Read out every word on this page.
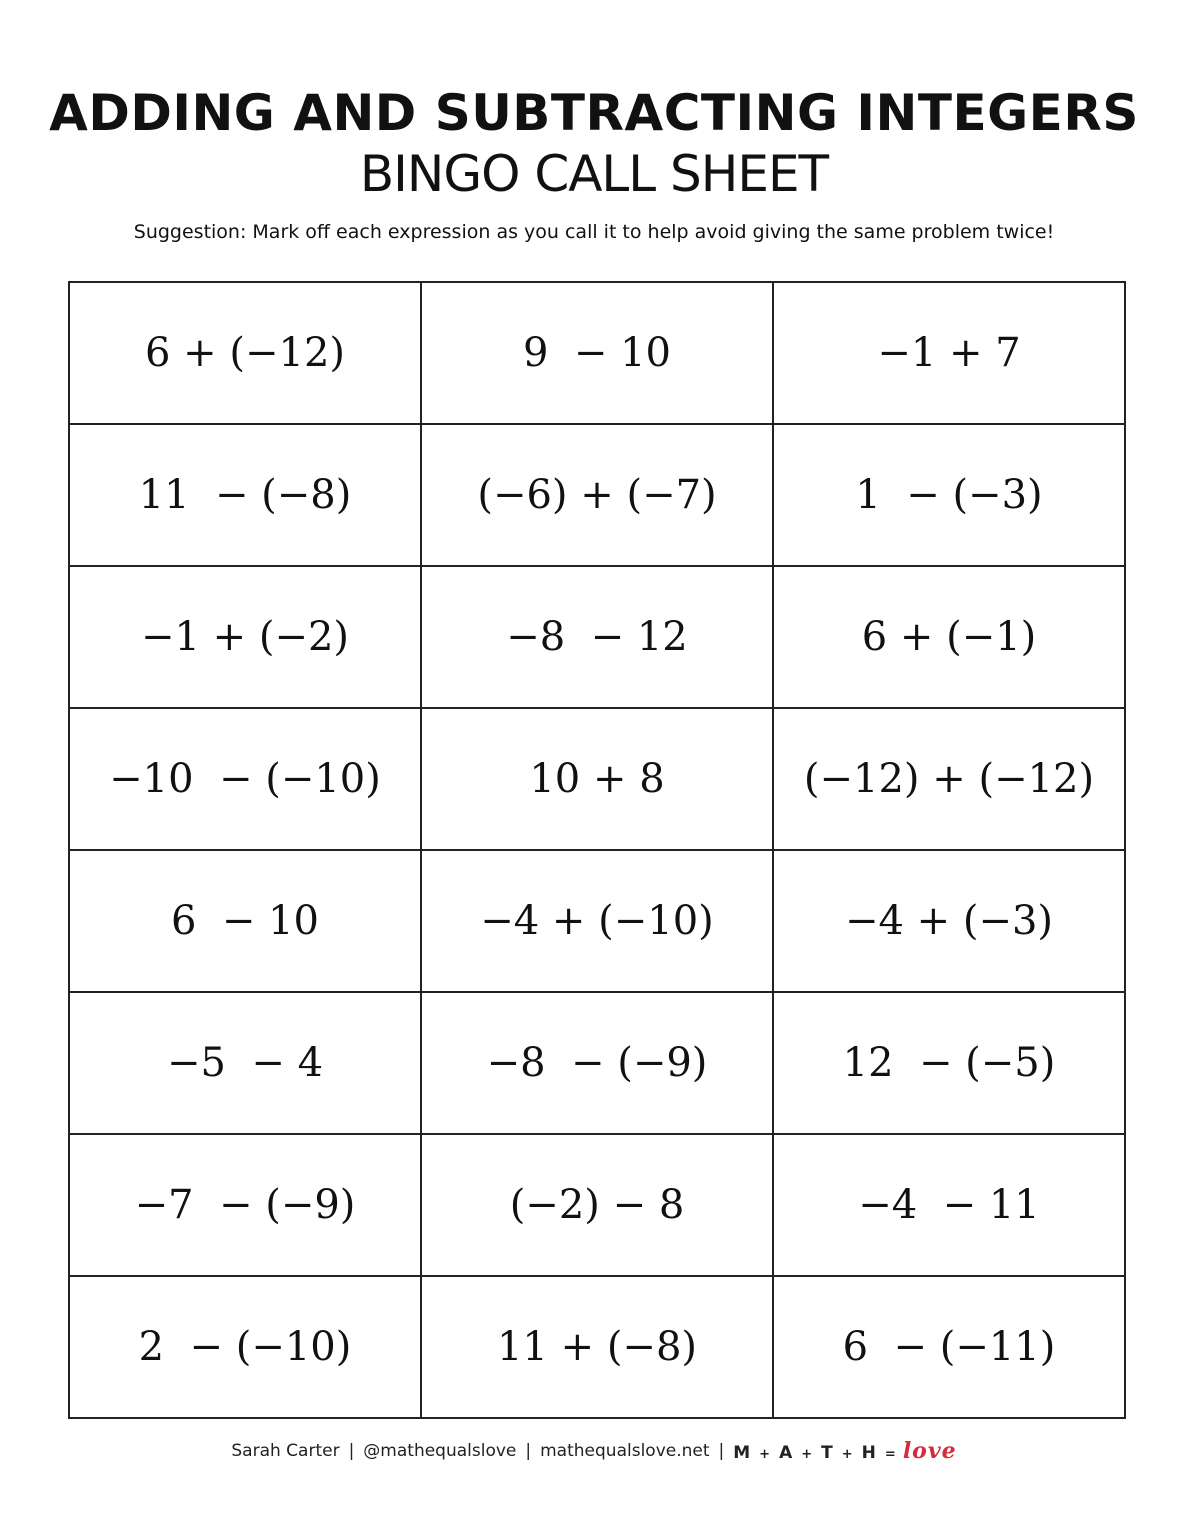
ADDING AND SUBTRACTING INTEGERS
BINGO CALL SHEET
Suggestion: Mark off each expression as you call it to help avoid giving the same problem twice!
6 + (−12)	9  − 10	−1 + 7
11  − (−8)	(−6) + (−7)	1  − (−3)
−1 + (−2)	−8  − 12	6 + (−1)
−10  − (−10)	10 + 8	(−12) + (−12)
6  − 10	−4 + (−10)	−4 + (−3)
−5  − 4	−8  − (−9)	12  − (−5)
−7  − (−9)	(−2) − 8	−4  − 11
2  − (−10)	11 + (−8)	6  − (−11)
Sarah Carter | @mathequalslove | mathequalslove.net | M + A + T + H = love
